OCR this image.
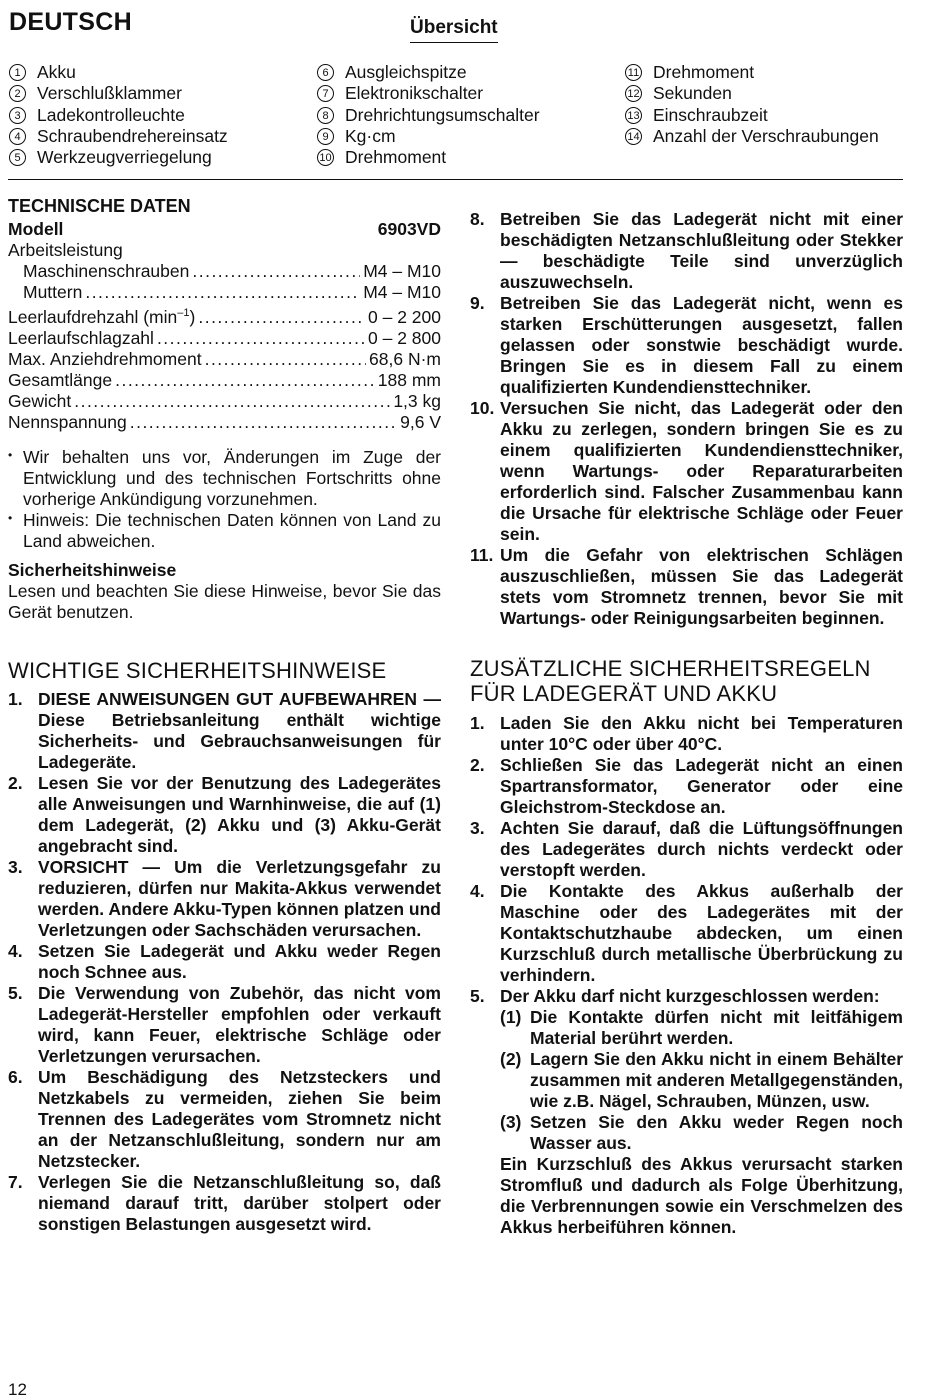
DEUTSCH	Übersicht
1 Akku
2 Verschlußklammer
3 Ladekontrolleuchte
4 Schraubendrehereinsatz
5 Werkzeugverriegelung
6 Ausgleichspitze
7 Elektronikschalter
8 Drehrichtungsumschalter
9 Kg·cm
10 Drehmoment
11 Drehmoment
12 Sekunden
13 Einschraubzeit
14 Anzahl der Verschraubungen
TECHNISCHE DATEN
Modell	6903VD
Arbeitsleistung
Maschinenschrauben .....	M4 – M10
Muttern .....	M4 – M10
Leerlaufdrehzahl $(\min^{-1})$ .....	0 – 2 200
Leerlaufschlagzahl .....	0 – 2 800
Max. Anziehdrehmoment .....	68,6 N·m
Gesamtlänge .....	188 mm
Gewicht .....	1,3 kg
Nennspannung .....	9,6 V
• Wir behalten uns vor, Änderungen im Zuge der Entwicklung und des technischen Fortschritts ohne vorherige Ankündigung vorzunehmen.
• Hinweis: Die technischen Daten können von Land zu Land abweichen.
Sicherheitshinweise
Lesen und beachten Sie diese Hinweise, bevor Sie das Gerät benutzen.
WICHTIGE SICHERHEITSHINWEISE
1. DIESE ANWEISUNGEN GUT AUFBEWAHREN — Diese Betriebsanleitung enthält wichtige Sicherheits- und Gebrauchsanweisungen für Ladegeräte.
2. Lesen Sie vor der Benutzung des Ladegerätes alle Anweisungen und Warnhinweise, die auf (1) dem Ladegerät, (2) Akku und (3) Akku-Gerät angebracht sind.
3. VORSICHT — Um die Verletzungsgefahr zu reduzieren, dürfen nur Makita-Akkus verwendet werden. Andere Akku-Typen können platzen und Verletzungen oder Sachschäden verursachen.
4. Setzen Sie Ladegerät und Akku weder Regen noch Schnee aus.
5. Die Verwendung von Zubehör, das nicht vom Ladegerät-Hersteller empfohlen oder verkauft wird, kann Feuer, elektrische Schläge oder Verletzungen verursachen.
6. Um Beschädigung des Netzsteckers und Netzkabels zu vermeiden, ziehen Sie beim Trennen des Ladegerätes vom Stromnetz nicht an der Netzanschlußleitung, sondern nur am Netzstecker.
7. Verlegen Sie die Netzanschlußleitung so, daß niemand darauf tritt, darüber stolpert oder sonstigen Belastungen ausgesetzt wird.
8. Betreiben Sie das Ladegerät nicht mit einer beschädigten Netzanschlußleitung oder Stekker — beschädigte Teile sind unverzüglich auszuwechseln.
9. Betreiben Sie das Ladegerät nicht, wenn es starken Erschütterungen ausgesetzt, fallen gelassen oder sonstwie beschädigt wurde. Bringen Sie es in diesem Fall zu einem qualifizierten Kundendiensttechniker.
10. Versuchen Sie nicht, das Ladegerät oder den Akku zu zerlegen, sondern bringen Sie es zu einem qualifizierten Kundendiensttechniker, wenn Wartungs- oder Reparaturarbeiten erforderlich sind. Falscher Zusammenbau kann die Ursache für elektrische Schläge oder Feuer sein.
11. Um die Gefahr von elektrischen Schlägen auszuschließen, müssen Sie das Ladegerät stets vom Stromnetz trennen, bevor Sie mit Wartungs- oder Reinigungsarbeiten beginnen.
ZUSÄTZLICHE SICHERHEITSREGELN
FÜR LADEGERÄT UND AKKU
1. Laden Sie den Akku nicht bei Temperaturen unter 10°C oder über 40°C.
2. Schließen Sie das Ladegerät nicht an einen Spartransformator, Generator oder eine Gleichstrom-Steckdose an.
3. Achten Sie darauf, daß die Lüftungsöffnungen des Ladegerätes durch nichts verdeckt oder verstopft werden.
4. Die Kontakte des Akkus außerhalb der Maschine oder des Ladegerätes mit der Kontaktschutzhaube abdecken, um einen Kurzschluß durch metallische Überbrückung zu verhindern.
5. Der Akku darf nicht kurzgeschlossen werden:
(1) Die Kontakte dürfen nicht mit leitfähigem Material berührt werden.
(2) Lagern Sie den Akku nicht in einem Behälter zusammen mit anderen Metallgegenständen, wie z.B. Nägel, Schrauben, Münzen, usw.
(3) Setzen Sie den Akku weder Regen noch Wasser aus.
Ein Kurzschluß des Akkus verursacht starken Stromfluß und dadurch als Folge Überhitzung, die Verbrennungen sowie ein Verschmelzen des Akkus herbeiführen können.
12
